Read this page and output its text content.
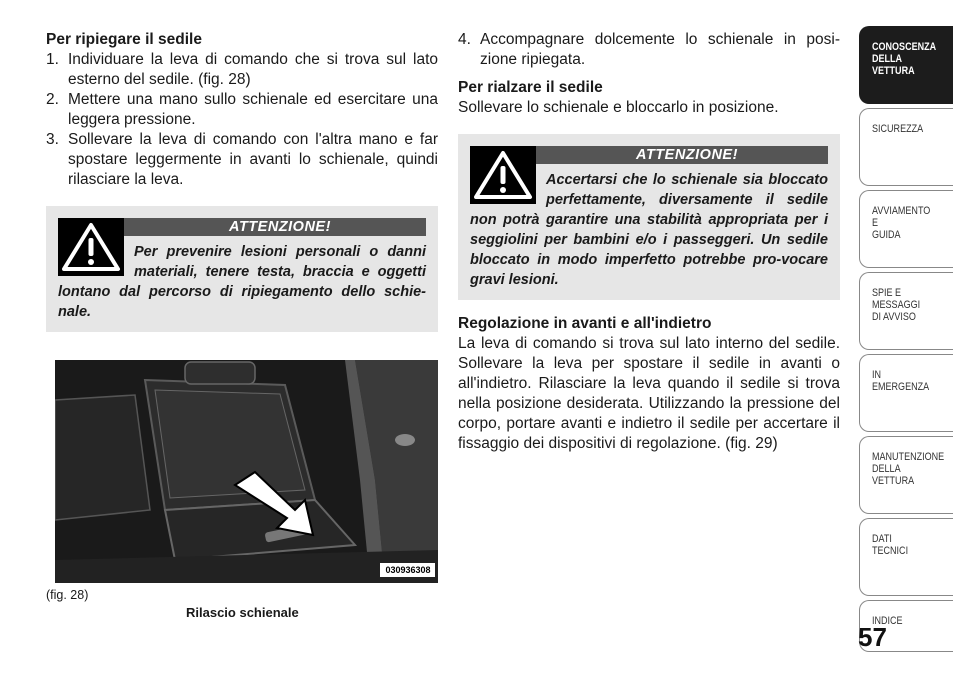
Per ripiegare il sedile
1. Individuare la leva di comando che si trova sul lato esterno del sedile. (fig. 28)
2. Mettere una mano sullo schienale ed esercitare una leggera pressione.
3. Sollevare la leva di comando con l'altra mano e far spostare leggermente in avanti lo schienale, quindi rilasciare la leva.
ATTENZIONE!
Per prevenire lesioni personali o danni materiali, tenere testa, braccia e oggetti lontano dal percorso di ripiegamento dello schie-nale.
030936308
(fig. 28)
Rilascio schienale
4. Accompagnare dolcemente lo schienale in posi-zione ripiegata.
Per rialzare il sedile

Sollevare lo schienale e bloccarlo in posizione.

ATTENZIONE!
Accertarsi che lo schienale sia bloccato perfettamente, diversamente il sedile non potrà garantire una stabilità appropriata per i seggiolini per bambini e/o i passeggeri. Un sedile bloccato in modo imperfetto potrebbe pro-vocare gravi lesioni.
Regolazione in avanti e all'indietro

La leva di comando si trova sul lato interno del sedile. Sollevare la leva per spostare il sedile in avanti o all'indietro. Rilasciare la leva quando il sedile si trova nella posizione desiderata. Utilizzando la pressione del corpo, portare avanti e indietro il sedile per accertare il fissaggio dei dispositivi di regolazione. (fig. 29)

CONOSCENZA
DELLA
VETTURA
SICUREZZA
AVVIAMENTO
E
GUIDA
SPIE E
MESSAGGI
DI AVVISO
IN
EMERGENZA
MANUTENZIONE
DELLA
VETTURA
DATI
TECNICI
INDICE
57
